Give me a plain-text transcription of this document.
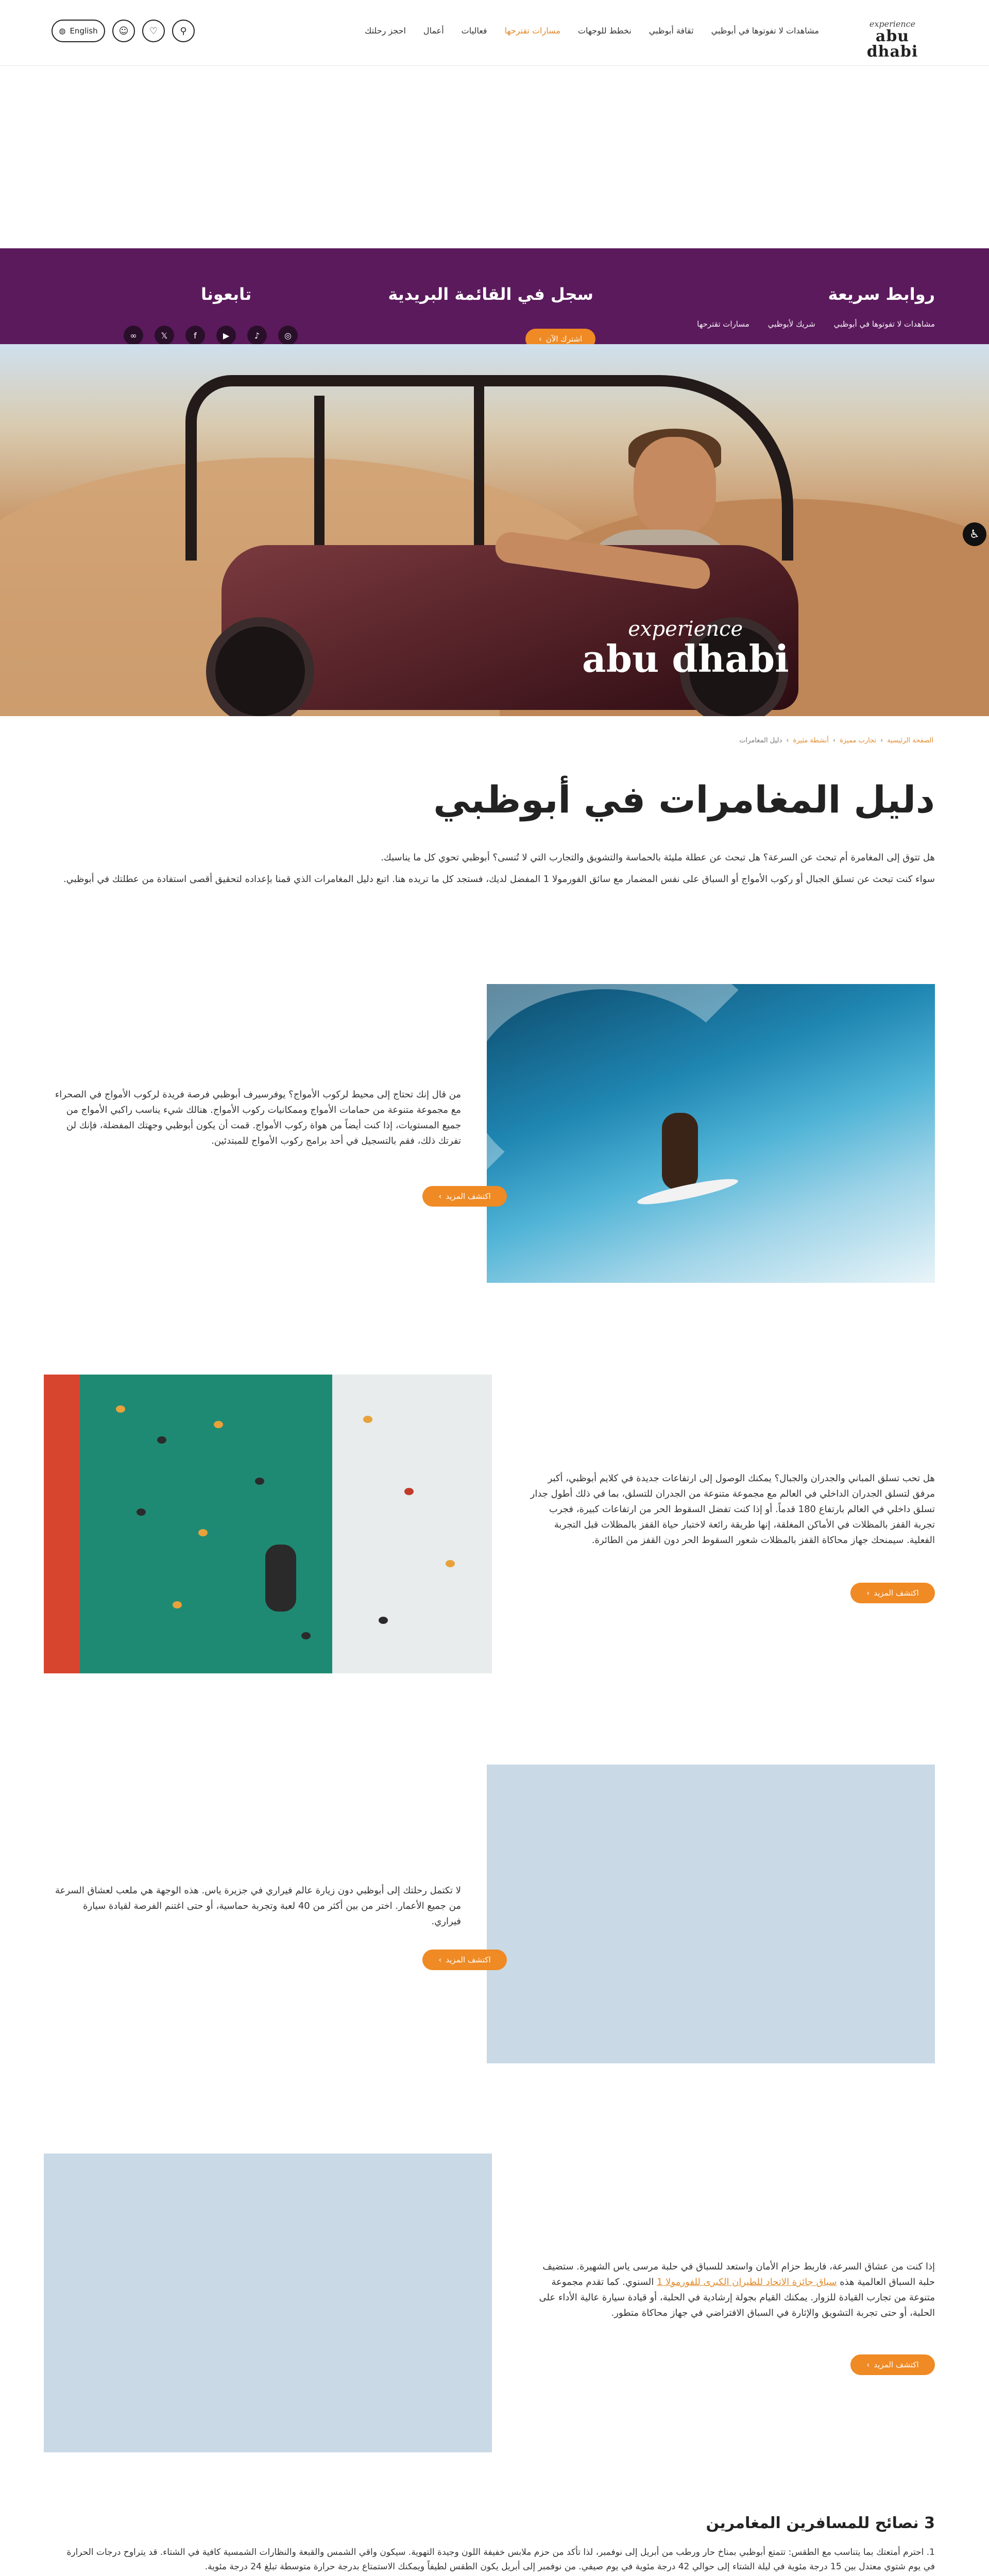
experience
abu dhabi
مشاهدات لا تفوتوها في أبوظبي
ثقافة أبوظبي
نخطط للوجهات
مسارات تقترحها
فعاليات
أعمال
احجز رحلتك
◍ English ☺ ♡ ⚲
روابط سريعة
مشاهدات لا تفوتوها في أبوظبي
شريك لأبوظبي
مسارات تقترحها
سجل في القائمة البريدية
اشترك الآن
›
تابعونا
∞	𝕏	f	▶	♪	◎
experience
abu dhabi
♿
الصفحة الرئيسية
›
تجارب مميزة
›
أنشطة مثيرة
›
دليل المغامرات
دليل المغامرات في أبوظبي

هل تتوق إلى المغامرة أم تبحث عن السرعة؟ هل تبحث عن عطلة مليئة بالحماسة والتشويق والتجارب التي لا تُنسى؟ أبوظبي تحوي كل ما يناسبك.

سواء كنت تبحث عن تسلق الجبال أو ركوب الأمواج أو السباق على نفس المضمار مع سائق الفورمولا 1 المفضل لديك، فستجد كل ما تريده هنا. اتبع دليل المغامرات الذي قمنا بإعداده لتحقيق أقصى استفادة من عطلتك في أبوظبي.

من قال إنك تحتاج إلى محيط لركوب الأمواج؟ يوفرسيرف أبوظبي فرصة فريدة لركوب الأمواج في الصحراء مع مجموعة متنوعة من حمامات الأمواج وممكانيات ركوب الأمواج. هنالك شيء يناسب راكبي الأمواج من جميع المستويات، إذا كنت أيضاً من هواة ركوب الأمواج. قمت أن يكون أبوظبي وجهتك المفضلة، فإنك لن تفرتك ذلك، فقم بالتسجيل في أحد برامج ركوب الأمواج للمبتدئين.

اكتشف المزيد
›

هل تحب تسلق المباني والجدران والجبال؟ يمكنك الوصول إلى ارتفاعات جديدة في كلايم أبوظبي، أكبر مرفق لتسلق الجدران الداخلي في العالم مع مجموعة متنوعة من الجدران للتسلق، بما في ذلك أطول جدار تسلق داخلي في العالم بارتفاع 180 قدماً. أو إذا كنت تفضل السقوط الحر من ارتفاعات كبيرة، فجرب تجربة القفز بالمظلات في الأماكن المغلقة، إنها طريقة رائعة لاختبار حياة القفز بالمظلات قبل التجربة الفعلية. سيمنحك جهاز محاكاة القفز بالمظلات شعور السقوط الحر دون القفز من الطائرة.

اكتشف المزيد
›

لا تكتمل رحلتك إلى أبوظبي دون زيارة عالم فيراري في جزيرة ياس. هذه الوجهة هي ملعب لعشاق السرعة من جميع الأعمار. اختر من بين أكثر من 40 لعبة وتجربة حماسية، أو حتى اغتنم الفرصة لقيادة سيارة فيراري.

اكتشف المزيد
›

إذا كنت من عشاق السرعة، فاربط حزام الأمان واستعد للسباق في حلبة مرسى ياس الشهيرة. ستضيف حلبة السباق العالمية هذه سباق جائزة الاتحاد للطيران الكبرى للفورمولا 1 السنوي. كما تقدم مجموعة متنوعة من تجارب القيادة للزوار. يمكنك القيام بجولة إرشادية في الحلبة، أو قيادة سيارة عالية الأداء على الحلبة، أو حتى تجربة التشويق والإثارة في السباق الافتراضي في جهاز محاكاة متطور.

اكتشف المزيد
›
3 نصائح للمسافرين المغامرين

1. احترم أمتعتك بما يتناسب مع الطقس: تتمتع أبوظبي بمناخ حار ورطب من أبريل إلى نوفمبر، لذا تأكد من حزم ملابس خفيفة اللون وجيدة التهوية. سيكون واقي الشمس والقبعة والنظارات الشمسية كافية في الشتاء. قد يتراوح درجات الحرارة في يوم شتوي معتدل بين 15 درجة مئوية في ليلة الشتاء إلى حوالي 42 درجة مئوية في يوم صيفي. من نوفمبر إلى أبريل يكون الطقس لطيفاً ويمكنك الاستمتاع بدرجة حرارة متوسطة تبلغ 24 درجة مئوية.
